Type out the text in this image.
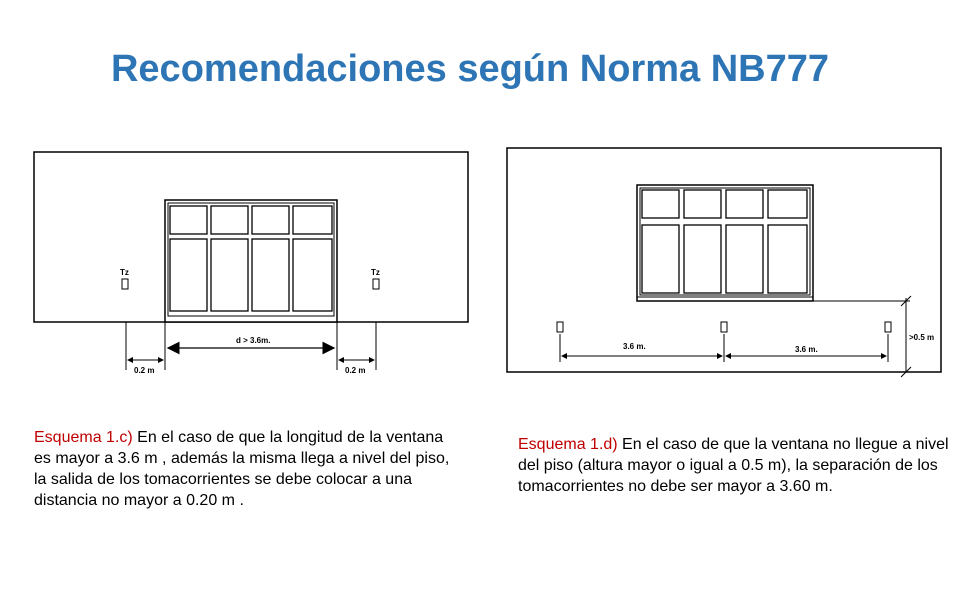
Recomendaciones según Norma NB777
Tz	Tz
d > 3.6m.
0.2 m	0.2 m
3.6 m.	3.6 m.
>0.5 m
Esquema 1.c) En el caso de que la longitud de la ventana es mayor a 3.6 m , además la misma llega a nivel del piso, la salida de los tomacorrientes se debe colocar a una distancia no mayor a 0.20 m .
Esquema 1.d) En el caso de que la ventana no llegue a nivel del piso (altura mayor o igual a 0.5 m), la separación de los tomacorrientes no debe ser mayor a 3.60 m.
